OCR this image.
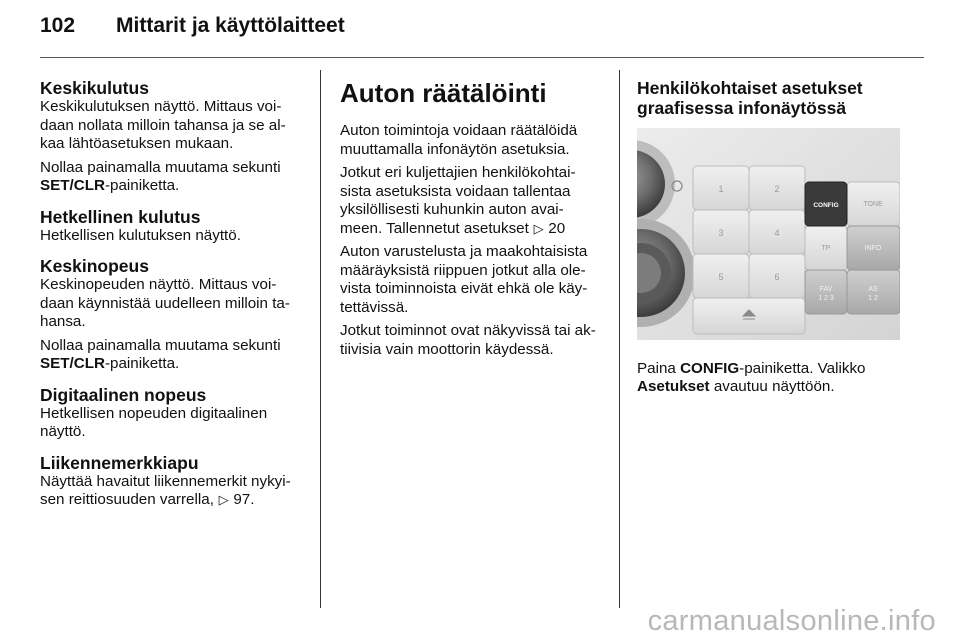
102	Mittarit ja käyttölaitteet
Keskikulutus

Keskikulutuksen näyttö. Mittaus voi-
daan nollata milloin tahansa ja se al-
kaa lähtöasetuksen mukaan.

Nollaa painamalla muutama sekunti
SET/CLR-painiketta.

Hetkellinen kulutus

Hetkellisen kulutuksen näyttö.

Keskinopeus

Keskinopeuden näyttö. Mittaus voi-
daan käynnistää uudelleen milloin ta-
hansa.

Nollaa painamalla muutama sekunti
SET/CLR-painiketta.

Digitaalinen nopeus

Hetkellisen nopeuden digitaalinen
näyttö.

Liikennemerkkiapu

Näyttää havaitut liikennemerkit nykyi-
sen reittiosuuden varrella, ▷ 97.

Auton räätälöinti

Auton toimintoja voidaan räätälöidä
muuttamalla infonäytön asetuksia.

Jotkut eri kuljettajien henkilökohtai-
sista asetuksista voidaan tallentaa
yksilöllisesti kuhunkin auton avai-
meen. Tallennetut asetukset ▷ 20

Auton varustelusta ja maakohtaisista
määräyksistä riippuen jotkut alla ole-
vista toiminnoista eivät ehkä ole käy-
tettävissä.

Jotkut toiminnot ovat näkyvissä tai ak-
tiivisia vain moottorin käydessä.

Henkilökohtaiset asetukset
graafisessa infonäytössä
1	2
3	4
5	6
TONE
TP	INFO
FAV 1 2 3
AS 1 2
CONFIG

Paina CONFIG-painiketta. Valikko
Asetukset avautuu näyttöön.

carmanualsonline.info
